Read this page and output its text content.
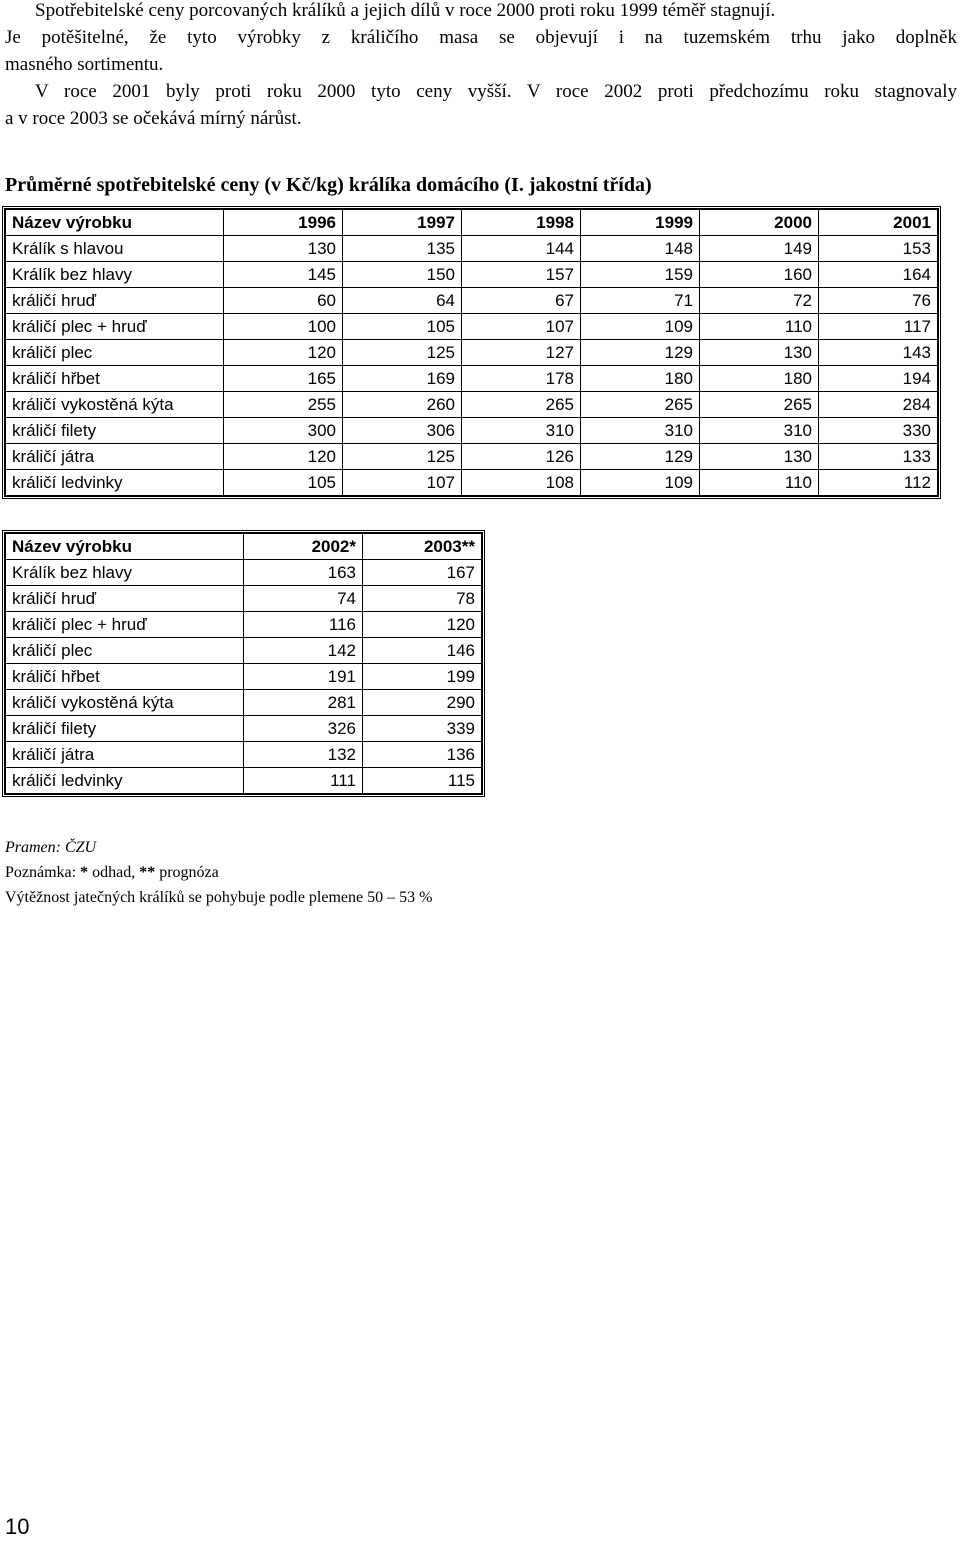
Spotřebitelské ceny porcovaných králíků a jejich dílů v roce 2000 proti roku 1999 téměř stagnují.
Je potěšitelné, že tyto výrobky z králičího masa se objevují i na tuzemském trhu jako doplněk
masného sortimentu.
V roce 2001 byly proti roku 2000 tyto ceny vyšší. V roce 2002 proti předchozímu roku stagnovaly
a v roce 2003 se očekává mírný nárůst.

Průměrné spotřebitelské ceny (v Kč/kg) králíka domácího (I. jakostní třída)

Název výrobku	1996	1997	1998	1999	2000	2001
Králík s hlavou	130	135	144	148	149	153
Králík bez hlavy	145	150	157	159	160	164
králičí hruď	60	64	67	71	72	76
králičí plec + hruď	100	105	107	109	110	117
králičí plec	120	125	127	129	130	143
králičí hřbet	165	169	178	180	180	194
králičí vykostěná kýta	255	260	265	265	265	284
králičí filety	300	306	310	310	310	330
králičí játra	120	125	126	129	130	133
králičí ledvinky	105	107	108	109	110	112
Název výrobku	2002*	2003**
Králík bez hlavy	163	167
králičí hruď	74	78
králičí plec + hruď	116	120
králičí plec	142	146
králičí hřbet	191	199
králičí vykostěná kýta	281	290
králičí filety	326	339
králičí játra	132	136
králičí ledvinky	111	115

Pramen: ČZU

Poznámka: * odhad, ** prognóza

Výtěžnost jatečných králíků se pohybuje podle plemene 50 – 53 %

10
